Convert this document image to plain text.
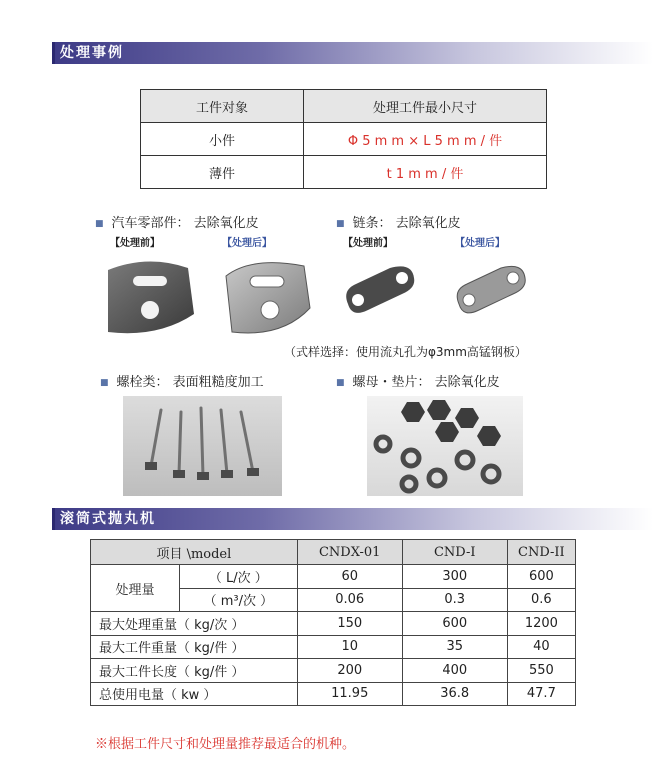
处理事例
工件对象	处理工件最小尺寸
小件	Φ 5 m m × L 5 m m / 件
薄件	t 1 m m / 件
■ 汽车零部件： 去除氧化皮
【处理前】	【处理后】
■ 链条： 去除氧化皮
【处理前】	【处理后】
（式样选择：使用流丸孔为φ3mm高锰钢板）
■ 螺栓类： 表面粗糙度加工	■ 螺母・垫片： 去除氧化皮
滚筒式抛丸机
项目 \model		CNDX-01	CND-I	CND-II
处理量	（ L/次 ）	60	300	600
	（ m³/次 ）	0.06	0.3	0.6
最大处理重量（ kg/次 ）		150	600	1200
最大工件重量（ kg/件 ）		10	35	40
最大工件长度（ kg/件 ）		200	400	550
总使用电量（ kw ）		11.95	36.8	47.7
※根据工件尺寸和处理量推荐最适合的机种。
